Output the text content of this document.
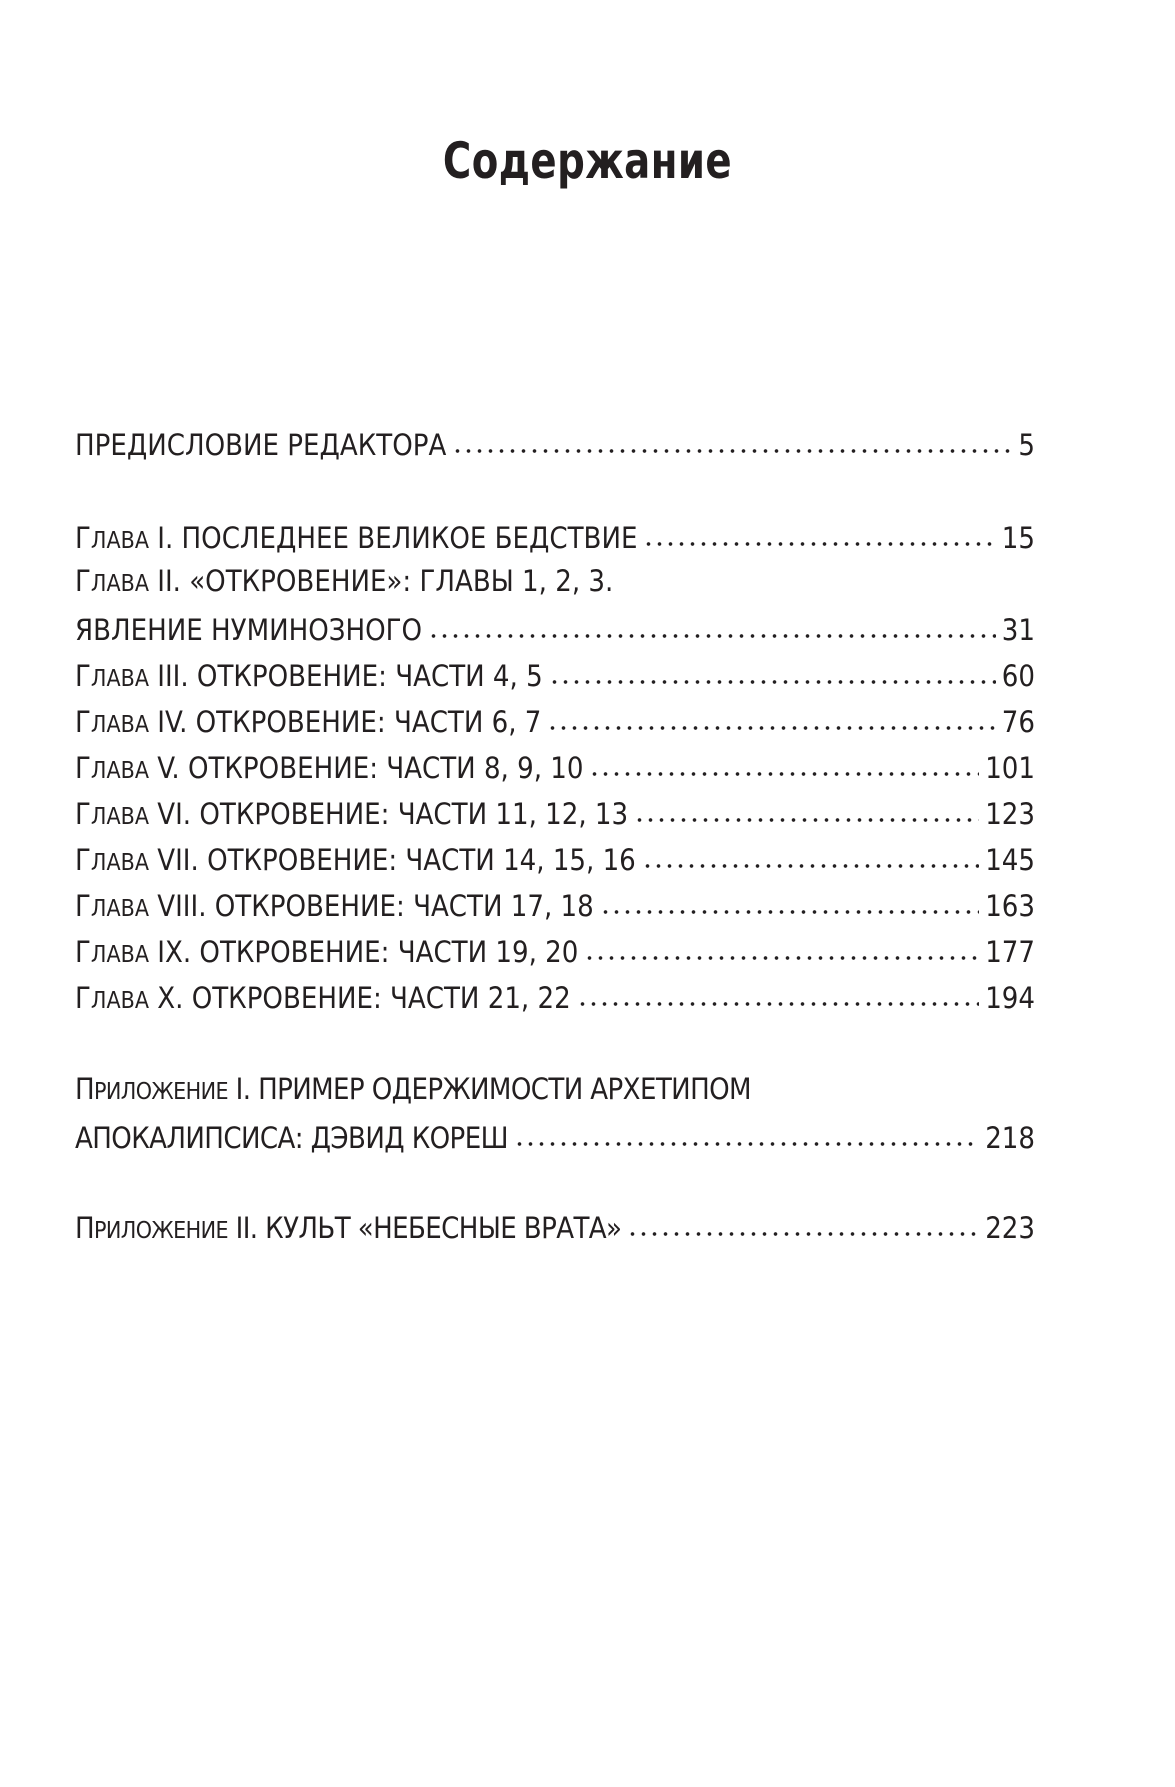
Содержание
ПРЕДИСЛОВИЕ РЕДАКТОРА	5
ГЛАВА I. ПОСЛЕДНЕЕ ВЕЛИКОЕ БЕДСТВИЕ	15
ГЛАВА II. «ОТКРОВЕНИЕ»: ГЛАВЫ 1, 2, 3.
ЯВЛЕНИЕ НУМИНОЗНОГО	31
ГЛАВА III. ОТКРОВЕНИЕ: ЧАСТИ 4, 5	60
ГЛАВА IV. ОТКРОВЕНИЕ: ЧАСТИ 6, 7	76
ГЛАВА V. ОТКРОВЕНИЕ: ЧАСТИ 8, 9, 10	101
ГЛАВА VI. ОТКРОВЕНИЕ: ЧАСТИ 11, 12, 13	123
ГЛАВА VII. ОТКРОВЕНИЕ: ЧАСТИ 14, 15, 16	145
ГЛАВА VIII. ОТКРОВЕНИЕ: ЧАСТИ 17, 18	163
ГЛАВА IX. ОТКРОВЕНИЕ: ЧАСТИ 19, 20	177
ГЛАВА X. ОТКРОВЕНИЕ: ЧАСТИ 21, 22	194
ПРИЛОЖЕНИЕ I. ПРИМЕР ОДЕРЖИМОСТИ АРХЕТИПОМ
АПОКАЛИПСИСА: ДЭВИД КОРЕШ	218
ПРИЛОЖЕНИЕ II. КУЛЬТ «НЕБЕСНЫЕ ВРАТА»	223
